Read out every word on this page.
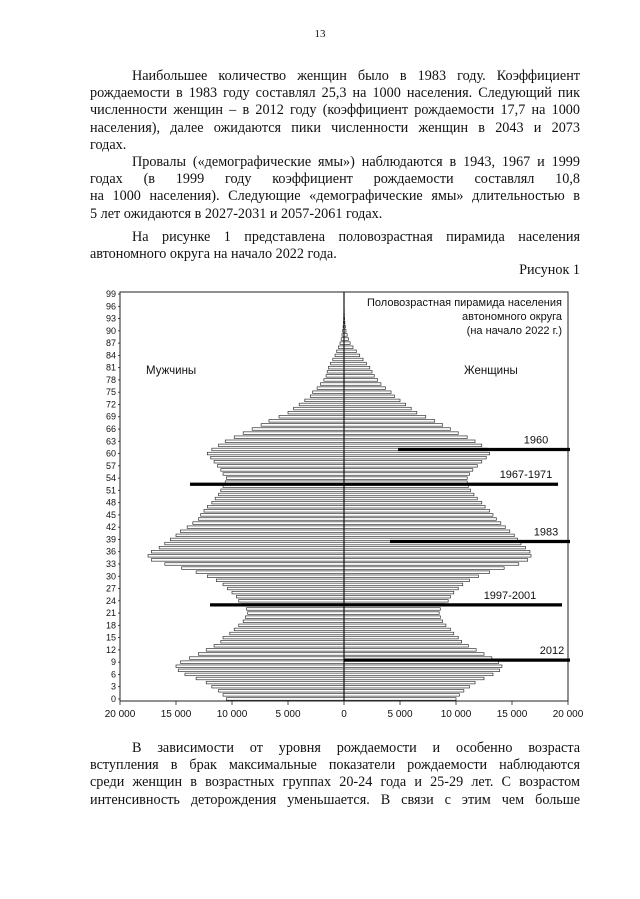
13

Наибольшее количество женщин было в 1983 году. Коэффициент
рождаемости в 1983 году составлял 25,3 на 1000 населения. Следующий пик
численности женщин – в 2012 году (коэффициент рождаемости 17,7 на 1000
населения), далее ожидаются пики численности женщин в 2043 и 2073
годах.

Провалы («демографические ямы») наблюдаются в 1943, 1967 и 1999
годах (в 1999 году коэффициент рождаемости составлял 10,8
на 1000 населения). Следующие «демографические ямы» длительностью в
5 лет ожидаются в 2027-2031 и 2057-2061 годах.

На рисунке 1 представлена половозрастная пирамида населения
автономного округа на начало 2022 года.

Рисунок 1
0
3
6
9
12
15
18
21
24
27
30
33
36
39
42
45
48
51
54
57
60
63
66
69
72
75
78
81
84
87
90
93
96
99
20 000	15 000	10 000	5 000	0	5 000	10 000	15 000	20 000
Половозрастная пирамида населения
автономного округа
(на начало 2022 г.)
Мужчины	Женщины
1960
1967-1971
1983
1997-2001
2012

В зависимости от уровня рождаемости и особенно возраста
вступления в брак максимальные показатели рождаемости наблюдаются
среди женщин в возрастных группах 20-24 года и 25-29 лет. С возрастом
интенсивность деторождения уменьшается. В связи с этим чем больше
